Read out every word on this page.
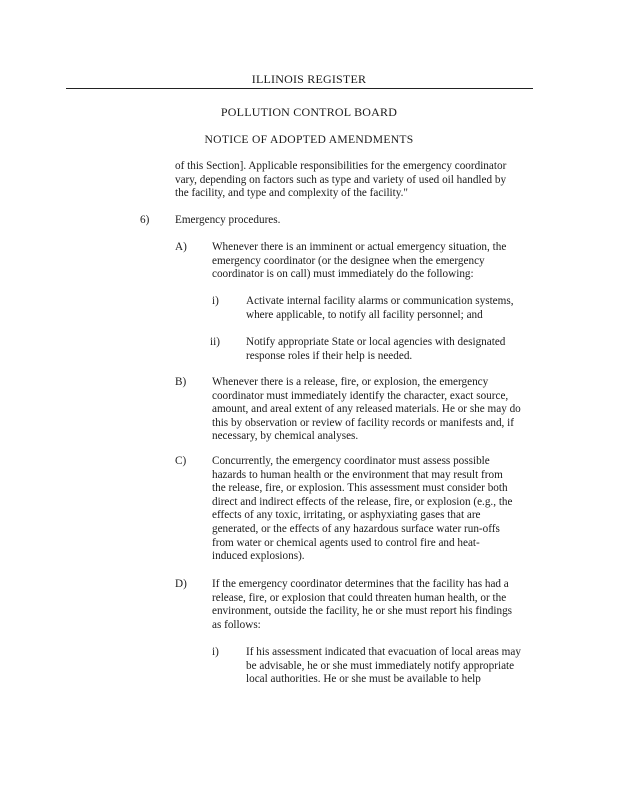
ILLINOIS REGISTER
POLLUTION CONTROL BOARD
NOTICE OF ADOPTED AMENDMENTS
of this Section]. Applicable responsibilities for the emergency coordinator
vary, depending on factors such as type and variety of used oil handled by
the facility, and type and complexity of the facility."
6) Emergency procedures.
A) Whenever there is an imminent or actual emergency situation, the
emergency coordinator (or the designee when the emergency
coordinator is on call) must immediately do the following:
i) Activate internal facility alarms or communication systems,
where applicable, to notify all facility personnel; and
ii) Notify appropriate State or local agencies with designated
response roles if their help is needed.
B) Whenever there is a release, fire, or explosion, the emergency
coordinator must immediately identify the character, exact source,
amount, and areal extent of any released materials. He or she may do
this by observation or review of facility records or manifests and, if
necessary, by chemical analyses.
C) Concurrently, the emergency coordinator must assess possible
hazards to human health or the environment that may result from
the release, fire, or explosion. This assessment must consider both
direct and indirect effects of the release, fire, or explosion (e.g., the
effects of any toxic, irritating, or asphyxiating gases that are
generated, or the effects of any hazardous surface water run-offs
from water or chemical agents used to control fire and heat-
induced explosions).
D) If the emergency coordinator determines that the facility has had a
release, fire, or explosion that could threaten human health, or the
environment, outside the facility, he or she must report his findings
as follows:
i) If his assessment indicated that evacuation of local areas may
be advisable, he or she must immediately notify appropriate
local authorities. He or she must be available to help
